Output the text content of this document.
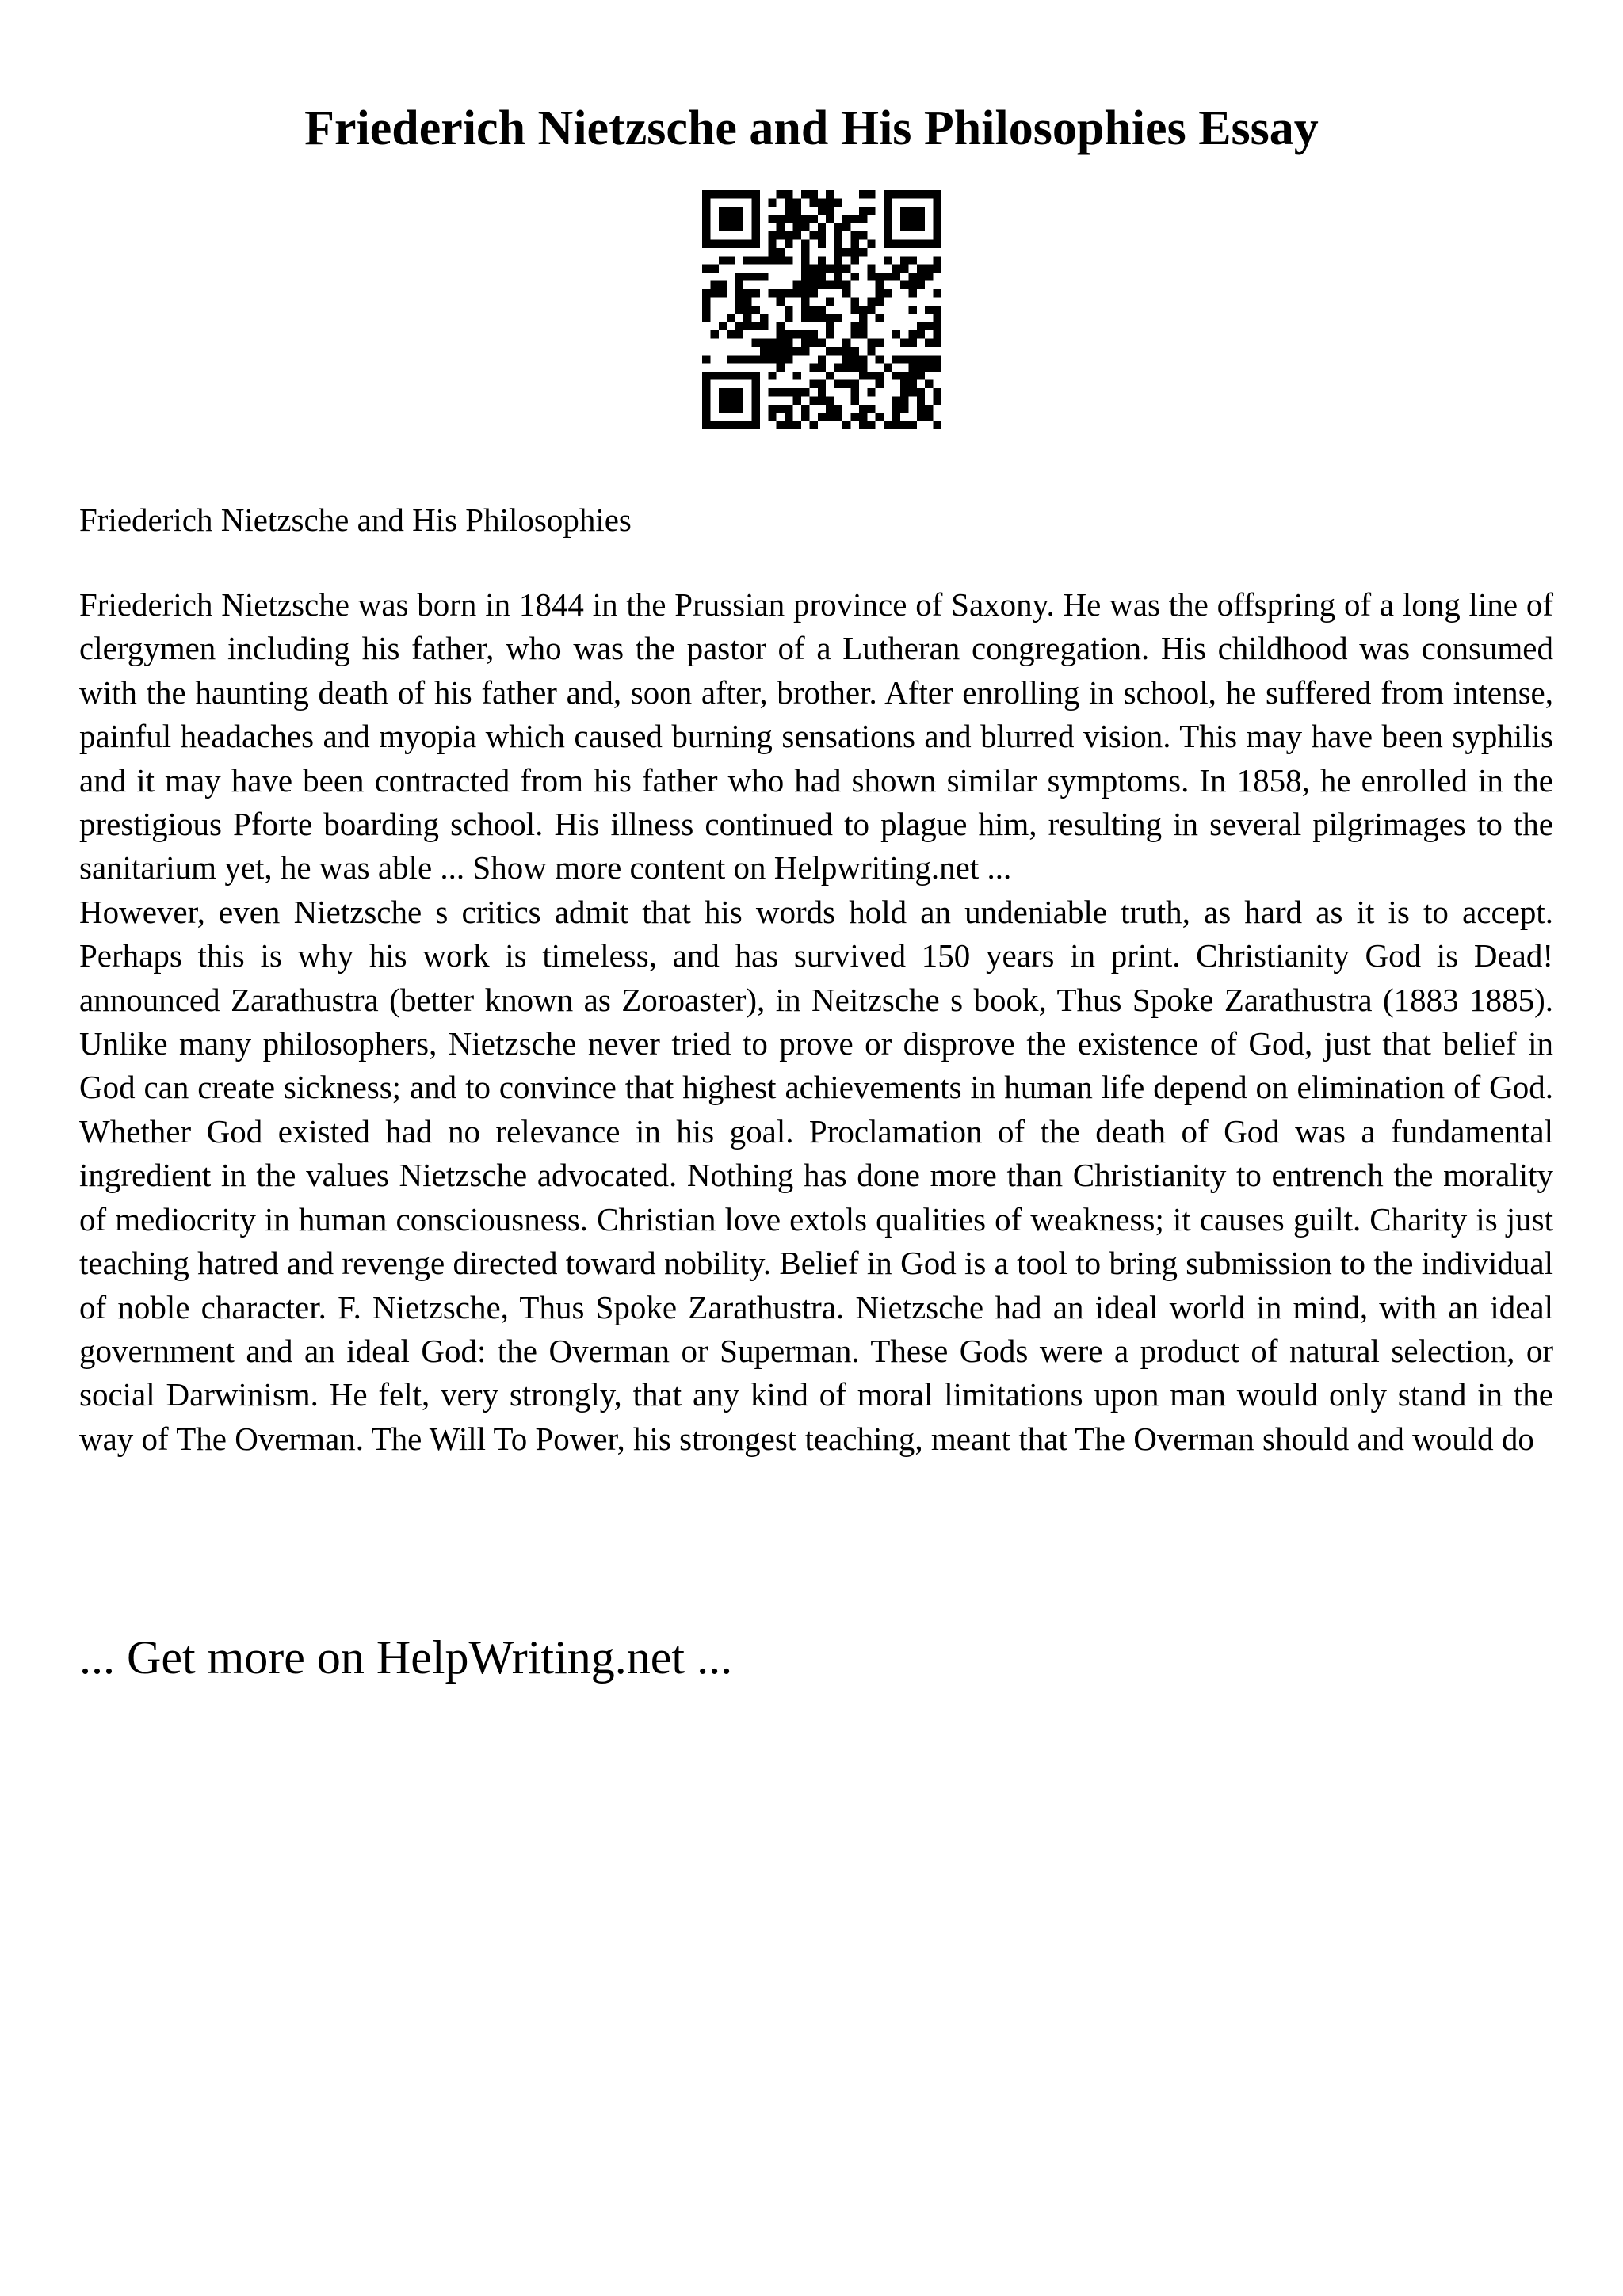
Friederich Nietzsche and His Philosophies Essay

Friederich Nietzsche and His Philosophies

Friederich Nietzsche was born in 1844 in the Prussian province of Saxony. He was the offspring of a long line of clergymen including his father, who was the pastor of a Lutheran congregation. His childhood was consumed with the haunting death of his father and, soon after, brother. After enrolling in school, he suffered from intense, painful headaches and myopia which caused burning sensations and blurred vision. This may have been syphilis and it may have been contracted from his father who had shown similar symptoms. In 1858, he enrolled in the prestigious Pforte boarding school. His illness continued to plague him, resulting in several pilgrimages to the sanitarium yet, he was able ... Show more content on Helpwriting.net ...

However, even Nietzsche s critics admit that his words hold an undeniable truth, as hard as it is to accept. Perhaps this is why his work is timeless, and has survived 150 years in print. Christianity God is Dead! announced Zarathustra (better known as Zoroaster), in Neitzsche s book, Thus Spoke Zarathustra (1883 1885). Unlike many philosophers, Nietzsche never tried to prove or disprove the existence of God, just that belief in God can create sickness; and to convince that highest achievements in human life depend on elimination of God. Whether God existed had no relevance in his goal. Proclamation of the death of God was a fundamental ingredient in the values Nietzsche advocated. Nothing has done more than Christianity to entrench the morality of mediocrity in human consciousness. Christian love extols qualities of weakness; it causes guilt. Charity is just teaching hatred and revenge directed toward nobility. Belief in God is a tool to bring submission to the individual of noble character. F. Nietzsche, Thus Spoke Zarathustra. Nietzsche had an ideal world in mind, with an ideal government and an ideal God: the Overman or Superman. These Gods were a product of natural selection, or social Darwinism. He felt, very strongly, that any kind of moral limitations upon man would only stand in the way of The Overman. The Will To Power, his strongest teaching, meant that The Overman should and would do

... Get more on HelpWriting.net ...
